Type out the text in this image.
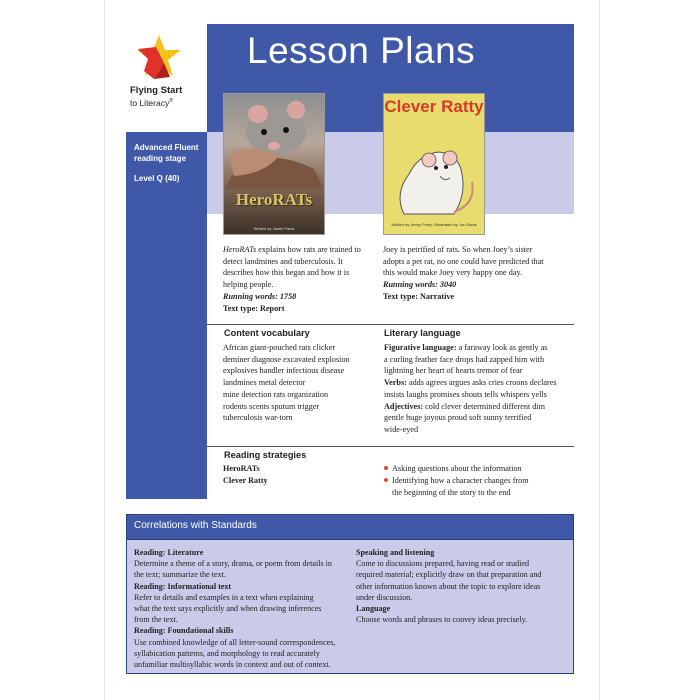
Flying Start
to Literacy®
Lesson Plans
Advanced Fluent reading stage
Level Q (40)
HeroRATs
Written by Jamie Pauls
Clever Ratty
Written by Jenny Feely / Illustrated by Jon Davis
HeroRATs explains how rats are trained to detect landmines and tuberculosis. It describes how this began and how it is helping people.
Running words: 1758
Text type: Report
Joey is petrified of rats. So when Joey’s sister adopts a pet rat, no one could have predicted that this would make Joey very happy one day.
Running words: 3040
Text type: Narrative
Content vocabulary	Literary language
African giant-pouched rats clicker
deminer diagnose excavated explosion
explosives handler infectious disease
landmines metal detector
mine detection rats organization
rodents scents sputum trigger
tuberculosis war-torn
Figurative language: a faraway look as gently as
a curling feather face drops had zapped him with
lightning her heart of hearts tremor of fear
Verbs: adds agrees argues asks cries croons declares
insists laughs promises shouts tells whispers yells
Adjectives: cold clever determined different dim
gentle huge joyous proud soft sunny terrified
wide-eyed
Reading strategies
HeroRATs
Clever Ratty
Asking questions about the information
Identifying how a character changes from
the beginning of the story to the end
Correlations with Standards
Reading: Literature
Determine a theme of a story, drama, or poem from details in
the text; summarize the text.
Reading: Informational text
Refer to details and examples in a text when explaining
what the text says explicitly and when drawing inferences
from the text.
Reading: Foundational skills
Use combined knowledge of all letter-sound correspondences,
syllabication patterns, and morphology to read accurately
unfamiliar multisyllabic words in context and out of context.
Speaking and listening
Come to discussions prepared, having read or studied
required material; explicitly draw on that preparation and
other information known about the topic to explore ideas
under discussion.
Language
Choose words and phrases to convey ideas precisely.
